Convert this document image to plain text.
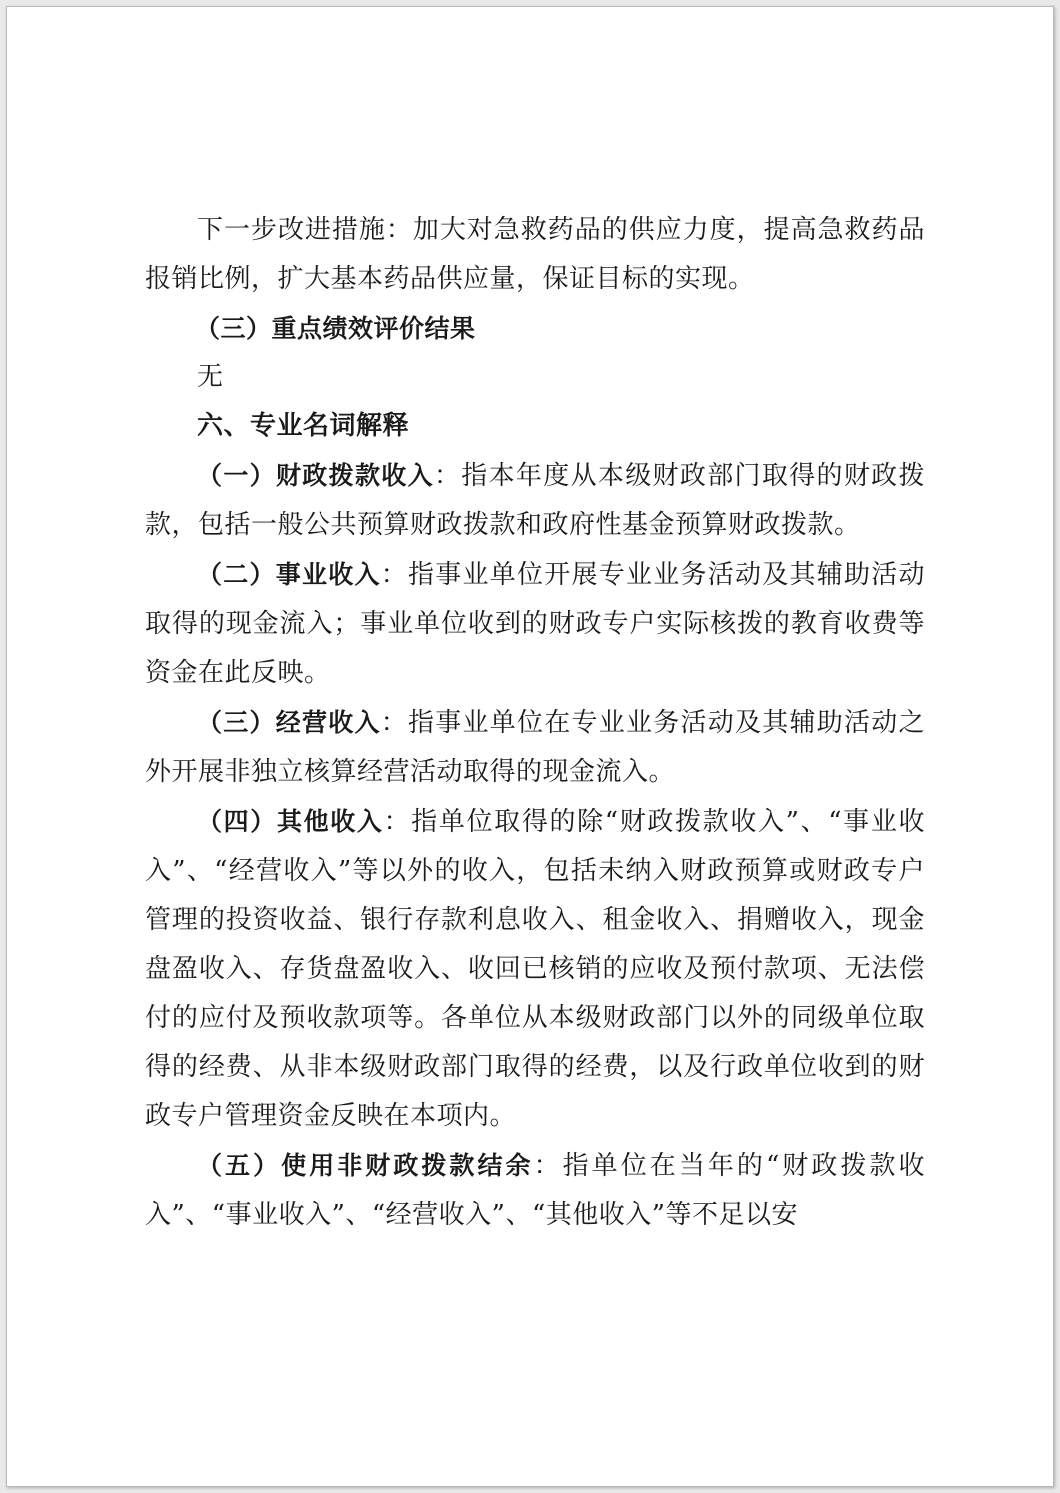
下一步改进措施：加大对急救药品的供应力度，提高急救药品报销比例，扩大基本药品供应量，保证目标的实现。

（三）重点绩效评价结果

无

六、专业名词解释

（一）财政拨款收入：指本年度从本级财政部门取得的财政拨款，包括一般公共预算财政拨款和政府性基金预算财政拨款。

（二）事业收入：指事业单位开展专业业务活动及其辅助活动取得的现金流入；事业单位收到的财政专户实际核拨的教育收费等资金在此反映。

（三）经营收入：指事业单位在专业业务活动及其辅助活动之外开展非独立核算经营活动取得的现金流入。

（四）其他收入：指单位取得的除“财政拨款收入”、“事业收入”、“经营收入”等以外的收入，包括未纳入财政预算或财政专户管理的投资收益、银行存款利息收入、租金收入、捐赠收入，现金盘盈收入、存货盘盈收入、收回已核销的应收及预付款项、无法偿付的应付及预收款项等。各单位从本级财政部门以外的同级单位取得的经费、从非本级财政部门取得的经费，以及行政单位收到的财政专户管理资金反映在本项内。

（五）使用非财政拨款结余：指单位在当年的“财政拨款收入”、“事业收入”、“经营收入”、“其他收入”等不足以安
